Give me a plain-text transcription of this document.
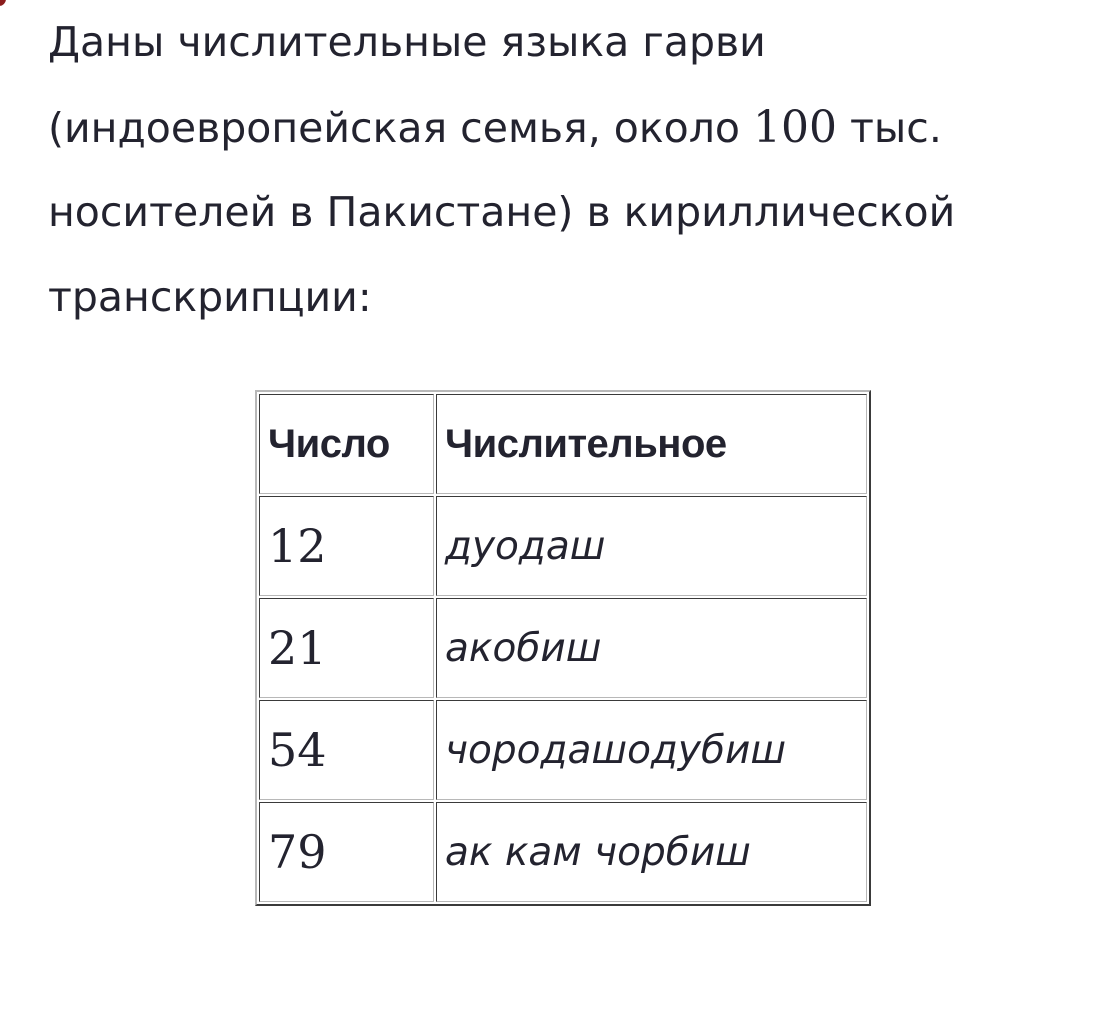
Даны числительные языка гарви
(индоевропейская семья, около 100 тыс.
носителей в Пакистане) в кириллической
транскрипции:
Число	Числительное
12	дуодаш
21	акобиш
54	чородашодубиш
79	ак кам чорбиш
